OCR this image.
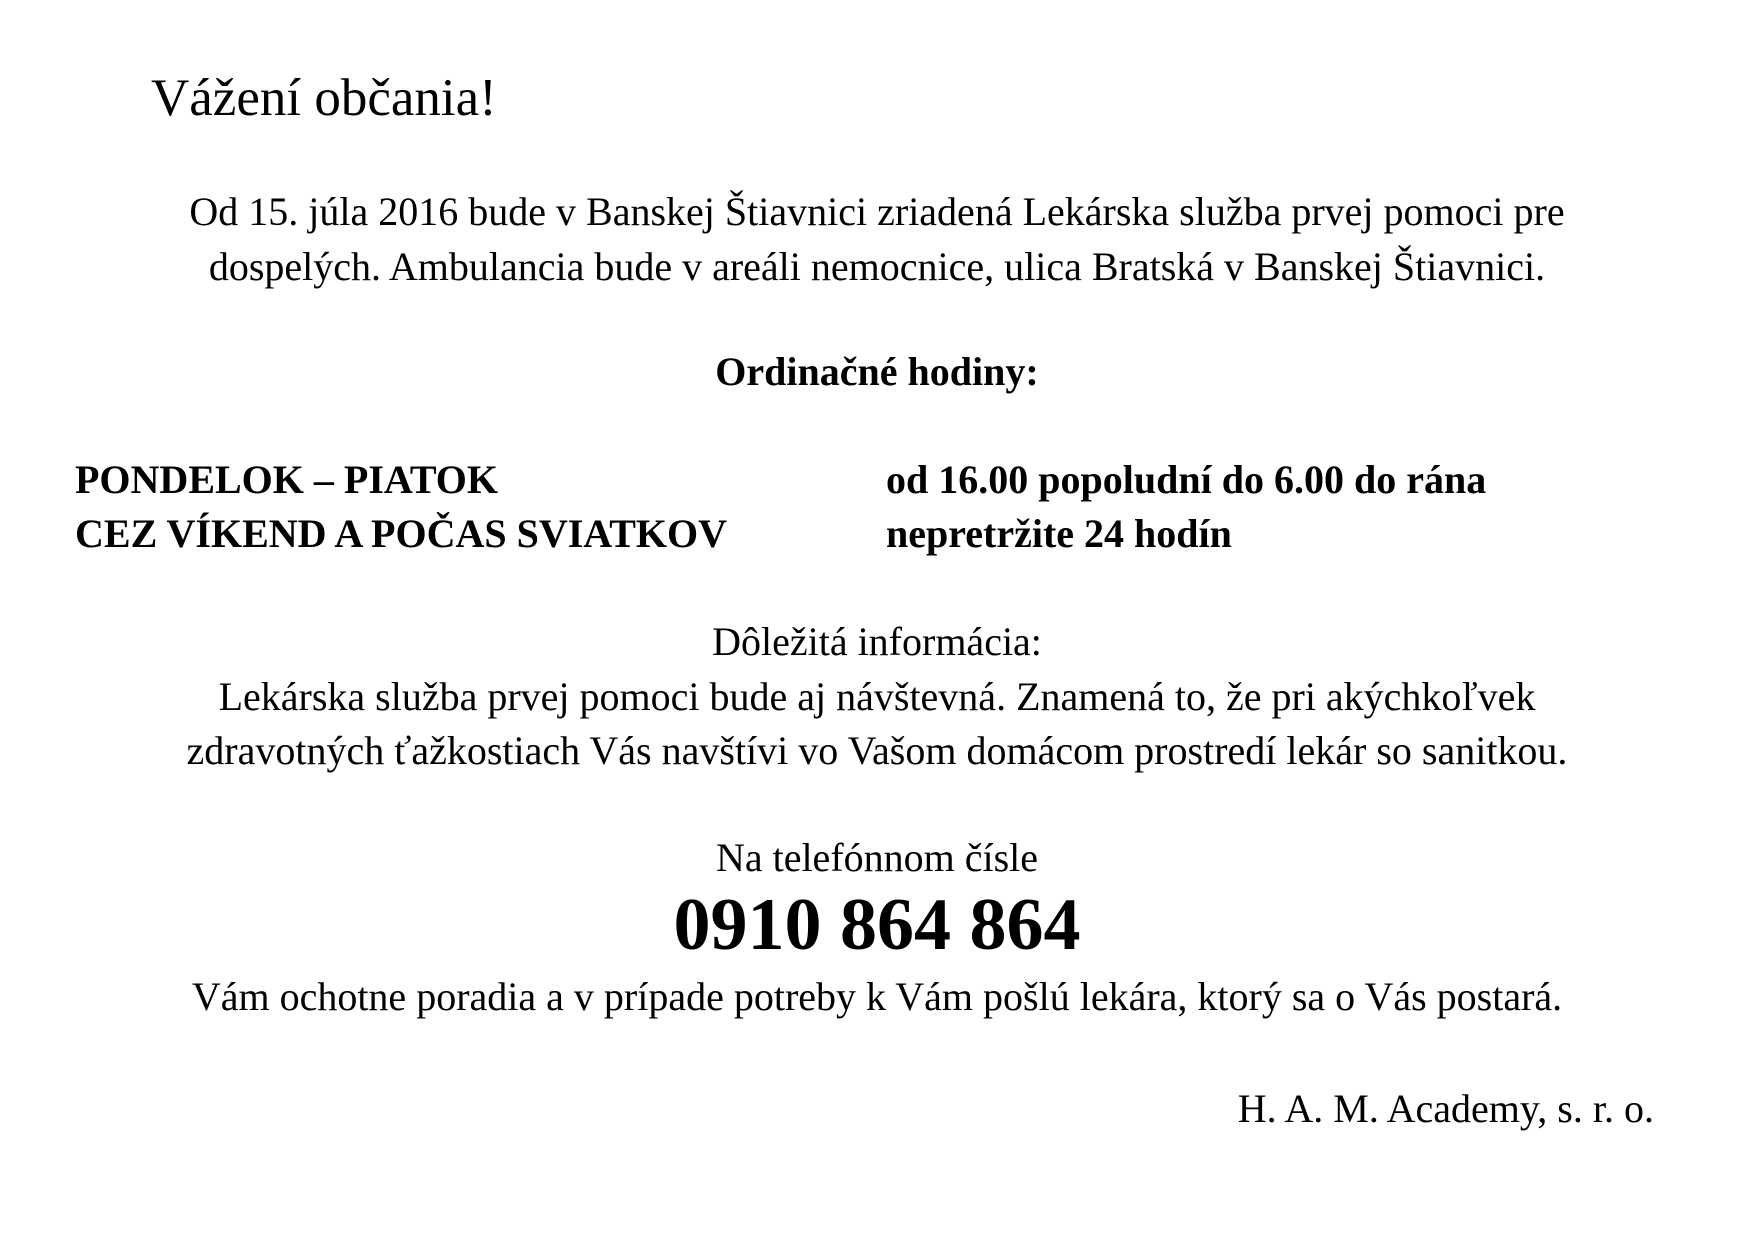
Vážení občania!
Od 15. júla 2016 bude v Banskej Štiavnici zriadená Lekárska služba prvej pomoci pre
dospelých. Ambulancia bude v areáli nemocnice, ulica Bratská v Banskej Štiavnici.
Ordinačné hodiny:
PONDELOK – PIATOK	od 16.00 popoludní do 6.00 do rána
CEZ VÍKEND A POČAS SVIATKOV	nepretržite 24 hodín
Dôležitá informácia:
Lekárska služba prvej pomoci bude aj návštevná. Znamená to, že pri akýchkoľvek
zdravotných ťažkostiach Vás navštívi vo Vašom domácom prostredí lekár so sanitkou.
Na telefónnom čísle
0910 864 864
Vám ochotne poradia a v prípade potreby k Vám pošlú lekára, ktorý sa o Vás postará.
H. A. M. Academy, s. r. o.
